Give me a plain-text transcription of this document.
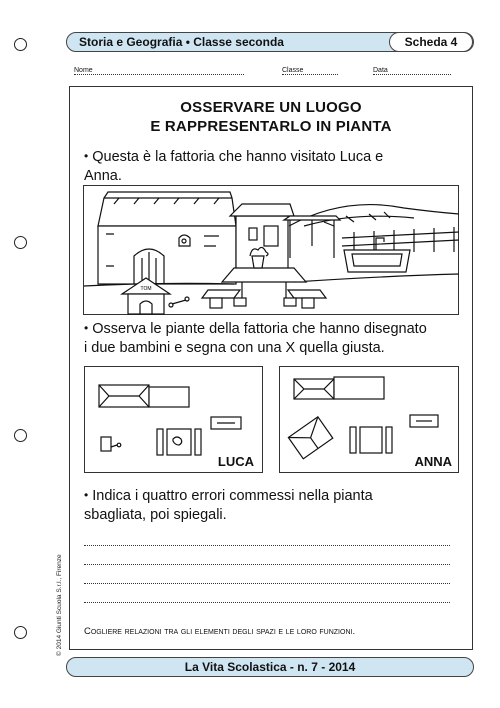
Storia e Geografia • Classe seconda	Scheda 4
Nome	Classe	Data
OSSERVARE UN LUOGO
E RAPPRESENTARLO IN PIANTA
• Questa è la fattoria che hanno visitato Luca e
Anna.
TOM
• Osserva le piante della fattoria che hanno disegnato
i due bambini e segna con una X quella giusta.
LUCA	ANNA
• Indica i quattro errori commessi nella pianta
sbagliata, poi spiegali.
Cogliere relazioni tra gli elementi degli spazi e le loro funzioni.
© 2014 Giunti Scuola S.r.l., Firenze
La Vita Scolastica - n. 7 - 2014
